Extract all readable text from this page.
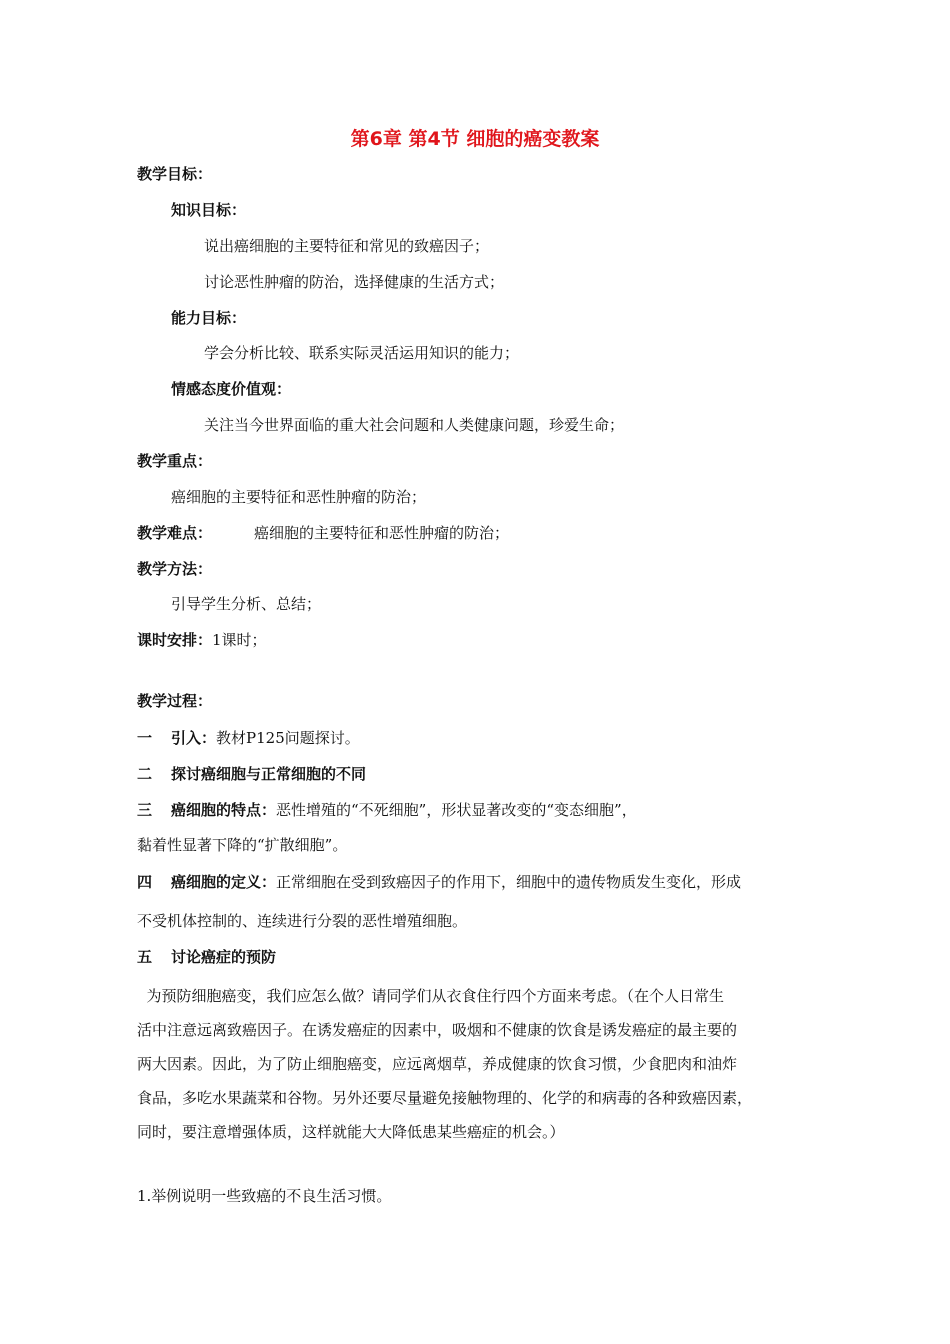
第6章 第4节 细胞的癌变教案
教学目标：
知识目标：
说出癌细胞的主要特征和常见的致癌因子；
讨论恶性肿瘤的防治，选择健康的生活方式；
能力目标：
学会分析比较、联系实际灵活运用知识的能力；
情感态度价值观：
关注当今世界面临的重大社会问题和人类健康问题，珍爱生命；
教学重点：
癌细胞的主要特征和恶性肿瘤的防治；
教学难点：	癌细胞的主要特征和恶性肿瘤的防治；
教学方法：
引导学生分析、总结；
课时安排：1课时；
教学过程：
一 引入：教材P125问题探讨。
二 探讨癌细胞与正常细胞的不同
三 癌细胞的特点：恶性增殖的“不死细胞”，形状显著改变的“变态细胞”，
黏着性显著下降的“扩散细胞”。
四 癌细胞的定义：正常细胞在受到致癌因子的作用下，细胞中的遗传物质发生变化，形成
不受机体控制的、连续进行分裂的恶性增殖细胞。
五 讨论癌症的预防
为预防细胞癌变，我们应怎么做？请同学们从衣食住行四个方面来考虑。（在个人日常生
活中注意远离致癌因子。在诱发癌症的因素中，吸烟和不健康的饮食是诱发癌症的最主要的
两大因素。因此，为了防止细胞癌变，应远离烟草，养成健康的饮食习惯，少食肥肉和油炸
食品，多吃水果蔬菜和谷物。另外还要尽量避免接触物理的、化学的和病毒的各种致癌因素，
同时，要注意增强体质，这样就能大大降低患某些癌症的机会。）
1.举例说明一些致癌的不良生活习惯。
